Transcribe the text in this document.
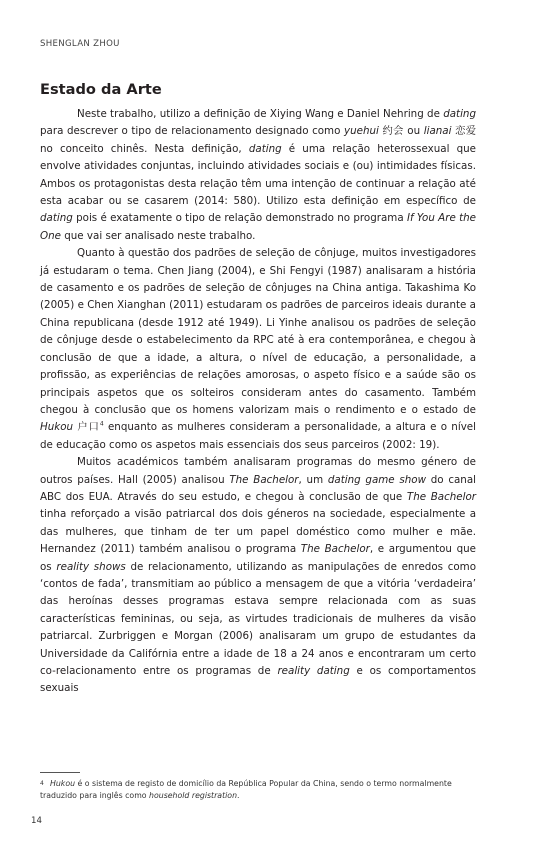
SHENGLAN ZHOU
Estado da Arte

Neste trabalho, utilizo a definição de Xiying Wang e Daniel Nehring de dating para descrever o tipo de relacionamento designado como yuehui 约会 ou lianai 恋爱 no conceito chinês. Nesta definição, dating é uma relação heterossexual que envolve atividades conjuntas, incluindo atividades sociais e (ou) intimidades físicas. Ambos os protagonistas desta relação têm uma intenção de continuar a relação até esta acabar ou se casarem (2014: 580). Utilizo esta definição em específico de dating pois é exatamente o tipo de relação demonstrado no programa If You Are the One que vai ser analisado neste trabalho.

Quanto à questão dos padrões de seleção de cônjuge, muitos investigadores já estudaram o tema. Chen Jiang (2004), e Shi Fengyi (1987) analisaram a história de casamento e os padrões de seleção de cônjuges na China antiga. Takashima Ko (2005) e Chen Xianghan (2011) estudaram os padrões de parceiros ideais durante a China republicana (desde 1912 até 1949). Li Yinhe analisou os padrões de seleção de cônjuge desde o estabelecimento da RPC até à era contemporânea, e chegou à conclusão de que a idade, a altura, o nível de educação, a personalidade, a profissão, as experiências de relações amorosas, o aspeto físico e a saúde são os principais aspetos que os solteiros consideram antes do casamento. Também chegou à conclusão que os homens valorizam mais o rendimento e o estado de Hukou 户口$^4$ enquanto as mulheres consideram a personalidade, a altura e o nível de educação como os aspetos mais essenciais dos seus parceiros (2002: 19).

Muitos académicos também analisaram programas do mesmo género de outros países. Hall (2005) analisou The Bachelor, um dating game show do canal ABC dos EUA. Através do seu estudo, e chegou à conclusão de que The Bachelor tinha reforçado a visão patriarcal dos dois géneros na sociedade, especialmente a das mulheres, que tinham de ter um papel doméstico como mulher e mãe. Hernandez (2011) também analisou o programa The Bachelor, e argumentou que os reality shows de relacionamento, utilizando as manipulações de enredos como ‘contos de fada’, transmitiam ao público a mensagem de que a vitória ‘verdadeira’ das heroínas desses programas estava sempre relacionada com as suas características femininas, ou seja, as virtudes tradicionais de mulheres da visão patriarcal. Zurbriggen e Morgan (2006) analisaram um grupo de estudantes da Universidade da Califórnia entre a idade de 18 a 24 anos e encontraram um certo co-relacionamento entre os programas de reality dating e os comportamentos sexuais

4 Hukou é o sistema de registo de domicílio da República Popular da China, sendo o termo normalmente traduzido para inglês como household registration.
14
